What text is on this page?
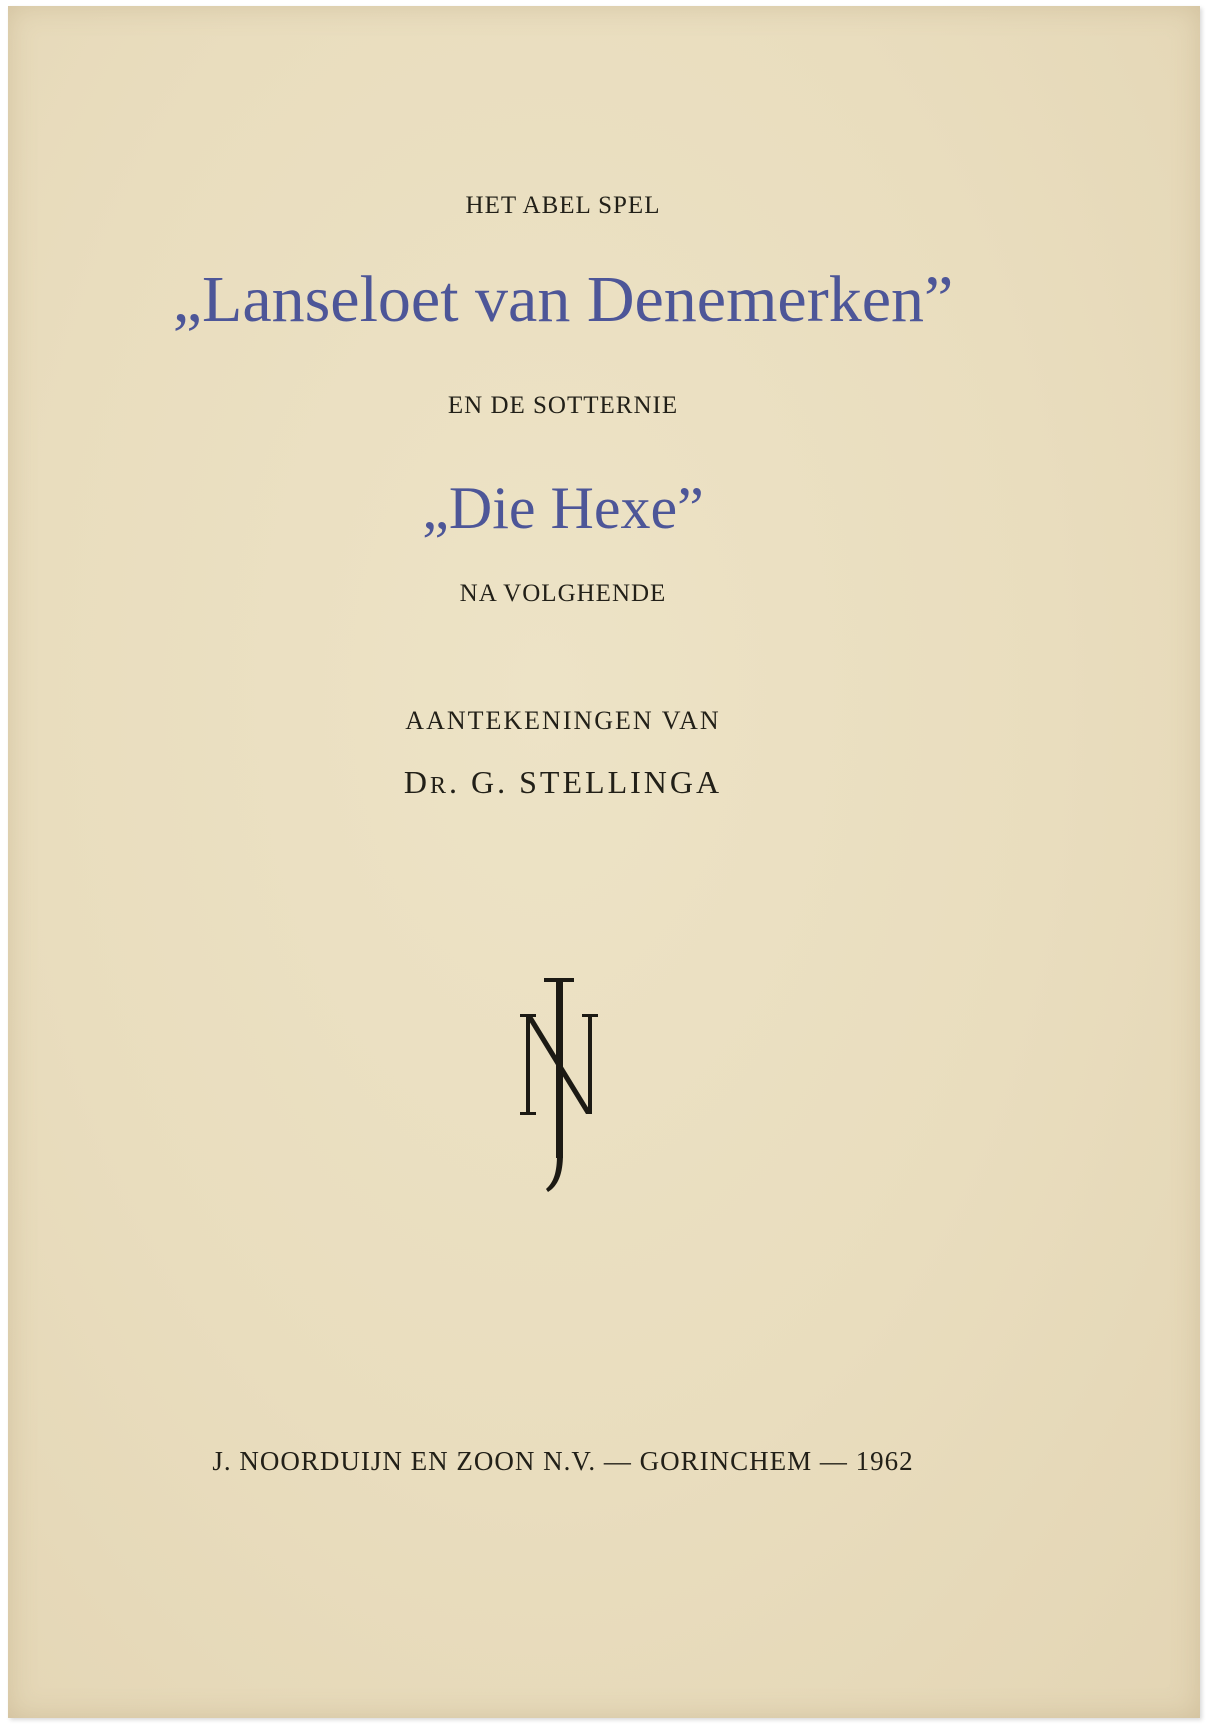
HET ABEL SPEL
„Lanseloet van Denemerken”
EN DE SOTTERNIE
„Die Hexe”
NA VOLGHENDE
AANTEKENINGEN VAN
DR. G. STELLINGA
J. NOORDUIJN EN ZOON N.V. — GORINCHEM — 1962
